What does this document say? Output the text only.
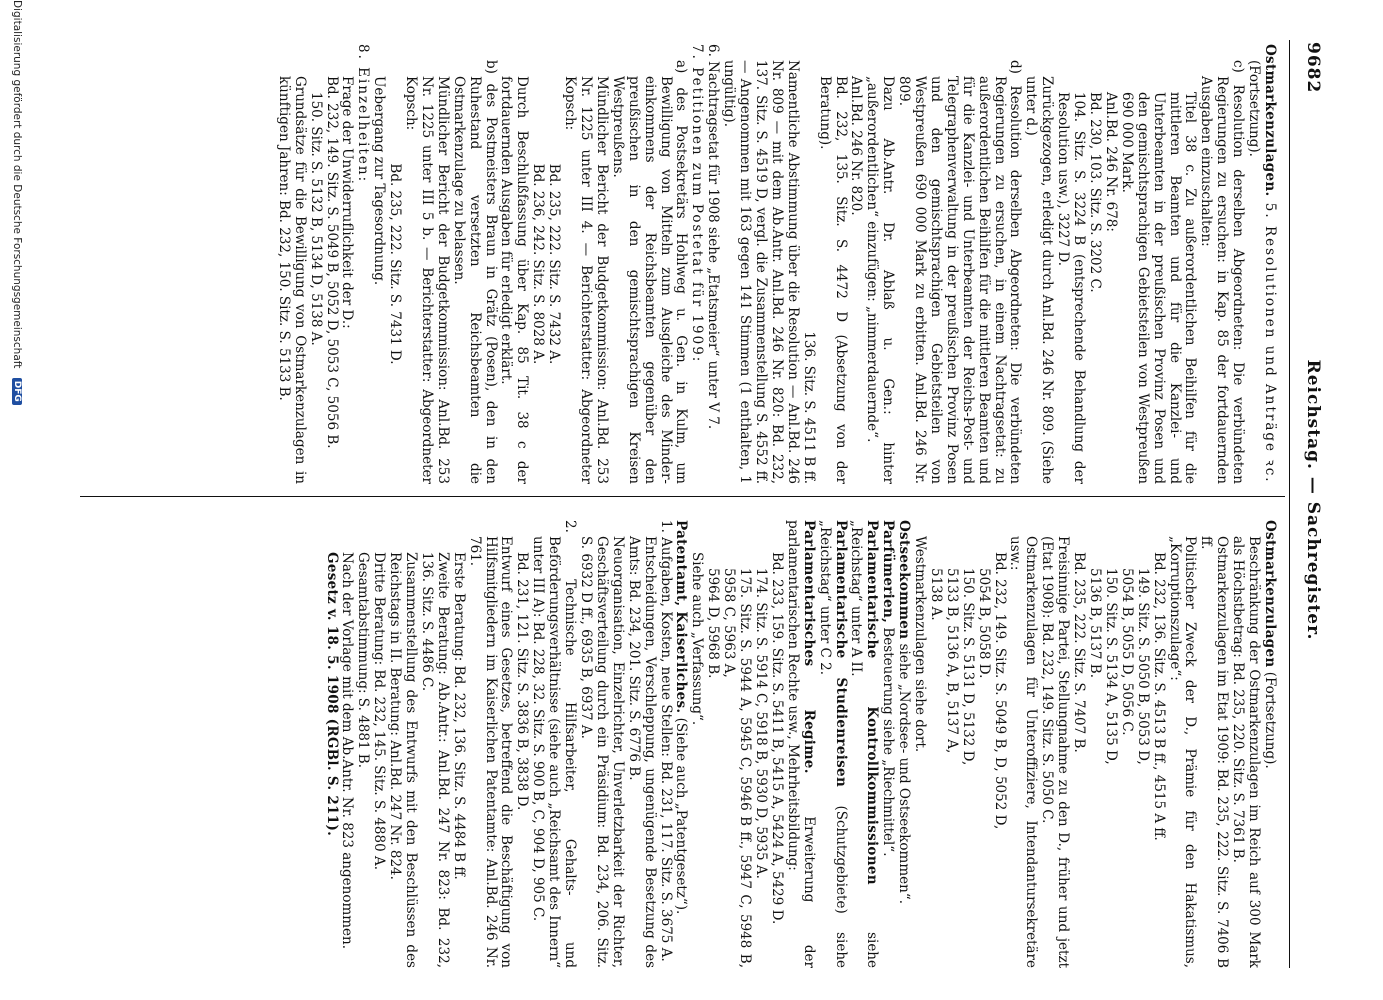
9682
Reichstag. — Sachregister.

Ostmarkenzulagen. 5. Resolutionen und Anträge ꝛc.

(Fortsetzung).

c) Resolution derselben Abgeordneten: Die verbündeten Regierungen zu ersuchen: in Kap. 85 der fortdauernden Ausgaben einzuschalten:

Titel 38 c. Zu außerordentlichen Beihilfen für die mittleren Beamten und für die Kanzlei- und Unterbeamten in der preußischen Provinz Posen und den gemischtsprachigen Gebietsteilen von Westpreußen 690 000 Mark.

Anl.Bd. 246 Nr. 678:

Bd. 230, 103. Sitz. S. 3202 C.

104. Sitz. S. 3224 B (entsprechende Behandlung der Resolution usw.), 3227 D.

Zurückgezogen, erledigt durch Anl.Bd. 246 Nr. 809. (Siehe unter d.)

d) Resolution derselben Abgeordneten: Die verbündeten Regierungen zu ersuchen, in einem Nachtragsetat: zu außerordentlichen Beihilfen für die mittleren Beamten und für die Kanzlei- und Unterbeamten der Reichs-Post- und Telegraphenverwaltung in der preußischen Provinz Posen und den gemischtsprachigen Gebietsteilen von Westpreußen 690 000 Mark zu erbitten. Anl.Bd. 246 Nr. 809.

Dazu Ab.Antr. Dr. Ablaß u. Gen.: hinter „außerordentlichen“ einzufügen: „nimmerdauernde“.

Anl.Bd. 246 Nr. 820.

Bd. 232, 135. Sitz. S. 4472 D (Absetzung von der Beratung).

136. Sitz. S. 4511 B ff.

Namentliche Abstimmung über die Resolution — Anl.Bd. 246 Nr. 809 — mit dem Ab.Antr. Anl.Bd. 246 Nr. 820: Bd. 232, 137. Sitz. S. 4519 D, vergl. die Zusammenstellung S. 4552 ff. — Angenommen mit 163 gegen 141 Stimmen (1 enthalten, 1 ungültig).

6. Nachtragsetat für 1908 siehe „Etatsmeier“ unter V 7.

7. Petitionen zum Postetat für 1909:

a) des Postsekretärs Hohlweg u. Gen. in Kulm, um Bewilligung von Mitteln zum Ausgleiche des Minder-einkommens der Reichsbeamten gegenüber den preußischen in den gemischtsprachigen Kreisen Westpreußens.

Mündlicher Bericht der Budgetkommission: Anl.Bd. 253 Nr. 1225 unter III 4. — Berichterstatter: Abgeordneter Kopsch:

Bd. 235, 222. Sitz. S. 7432 A.

Bd. 236, 242. Sitz. S. 8028 A.

Durch Beschlußfassung über Kap. 85 Tit. 38 c der fortdauernden Ausgaben für erledigt erklärt.

b) des Postmeisters Braun in Grätz (Posen), den in den Ruhestand versetzten Reichsbeamten die Ostmarkenzulage zu belassen.

Mündlicher Bericht der Budgetkommission: Anl.Bd. 253 Nr. 1225 unter III 5 b. — Berichterstatter: Abgeordneter Kopsch:

Bd. 235, 222. Sitz. S. 7431 D.

Uebergang zur Tagesordnung.

8. Einzelheiten:

Frage der Unwiderruflichkeit der D.:

Bd. 232, 149. Sitz. S. 5049 B, 5052 D, 5053 C, 5056 B.

150. Sitz. S. 5132 B, 5134 D, 5138 A.

Grundsätze für die Bewilligung von Ostmarkenzulagen in künftigen Jahren: Bd. 232, 150. Sitz. S. 5133 B.

Ostmarkenzulagen (Fortsetzung).

Beschränkung der Ostmarkenzulagen im Reich auf 300 Mark als Höchstbetrag: Bd. 235, 220. Sitz. S. 7361 B.

Ostmarkenzulagen im Etat 1909: Bd. 235, 222. Sitz. S. 7406 B ff.

Politischer Zweck der D., Prämie für den Hakatismus, „Korruptionszulage“:

Bd. 232, 136. Sitz. S. 4513 B ff., 4515 A ff.

149. Sitz. S. 5050 B, 5053 D,

5054 B, 5055 D, 5056 C.

150. Sitz. S. 5134 A, 5135 D,

5136 B, 5137 B.

Bd. 235, 222. Sitz. S. 7407 B.

Freisinnige Partei, Stellungnahme zu den D., früher und jetzt (Etat 1908): Bd. 232, 149. Sitz. S. 5050 C.

Ostmarkenzulagen für Unteroffiziere, Intendantursekretäre usw.:

Bd. 232, 149. Sitz. S. 5049 B, D, 5052 D,

5054 B, 5058 D.

150. Sitz. S. 5131 D, 5132 D,

5133 B, 5136 A, B, 5137 A,

5138 A.

Westmarkenzulagen siehe dort.

Ostseekommen siehe „Nordsee- und Ostseekommen“.

Parfümerien, Besteuerung siehe „Riechmittel“.

Parlamentarische Kontrollkommissionen siehe „Reichstag“ unter A II.

Parlamentarische Studienreisen (Schutzgebiete) siehe „Reichstag“ unter C 2.

Parlamentarisches Regime. Erweiterung der parlamentarischen Rechte usw., Mehrheitsbildung:

Bd. 233, 159. Sitz. S. 5411 B, 5415 A, 5424 A, 5429 D.

174. Sitz. S. 5914 C, 5918 B, 5930 D, 5935 A.

175. Sitz. S. 5944 A, 5945 C, 5946 B ff., 5947 C, 5948 B, 5958 C, 5963 A,

5964 D, 5968 B.

Siehe auch „Verfassung“.

Patentamt, Kaiserliches. (Siehe auch „Patentgesetz“).

1. Aufgaben, Kosten, neue Stellen: Bd. 231, 117. Sitz. S. 3675 A.

Entscheidungen, Verschleppung, ungenügende Besetzung des Amts: Bd. 234, 201. Sitz. S. 6776 B.

Neuorganisation, Einzelrichter, Unverletzbarkeit der Richter, Geschäftsverteilung durch ein Präsidium: Bd. 234, 206. Sitz. S. 6932 D ff., 6935 B, 6937 A.

2. Technische Hilfsarbeiter, Gehalts- und Beförderungsverhältnisse (siehe auch „Reichsamt des Innern“ unter III A): Bd. 228, 32. Sitz. S. 900 B, C, 904 D, 905 C.

Bd. 231, 121. Sitz. S. 3836 B, 3838 D.

Entwurf eines Gesetzes, betreffend die Beschäftigung von Hilfsmitgliedern im Kaiserlichen Patentamte: Anl.Bd. 246 Nr. 761.

Erste Beratung: Bd. 232, 136. Sitz. S. 4484 B ff.

Zweite Beratung: Ab.Antr.: Anl.Bd. 247 Nr. 823: Bd. 232, 136. Sitz. S. 4486 C.

Zusammenstellung des Entwurfs mit den Beschlüssen des Reichstags in II. Beratung: Anl.Bd. 247 Nr. 824.

Dritte Beratung: Bd. 232, 145. Sitz. S. 4880 A.

Gesamtabstimmung: S. 4881 B.

Nach der Vorlage mit dem Ab.Antr. Nr. 823 angenommen.

Gesetz v. 18. 5. 1908 (RGBl. S. 211).

Digitalisierung gefördert durch die Deutsche Forschungsgemeinschaft DFG
